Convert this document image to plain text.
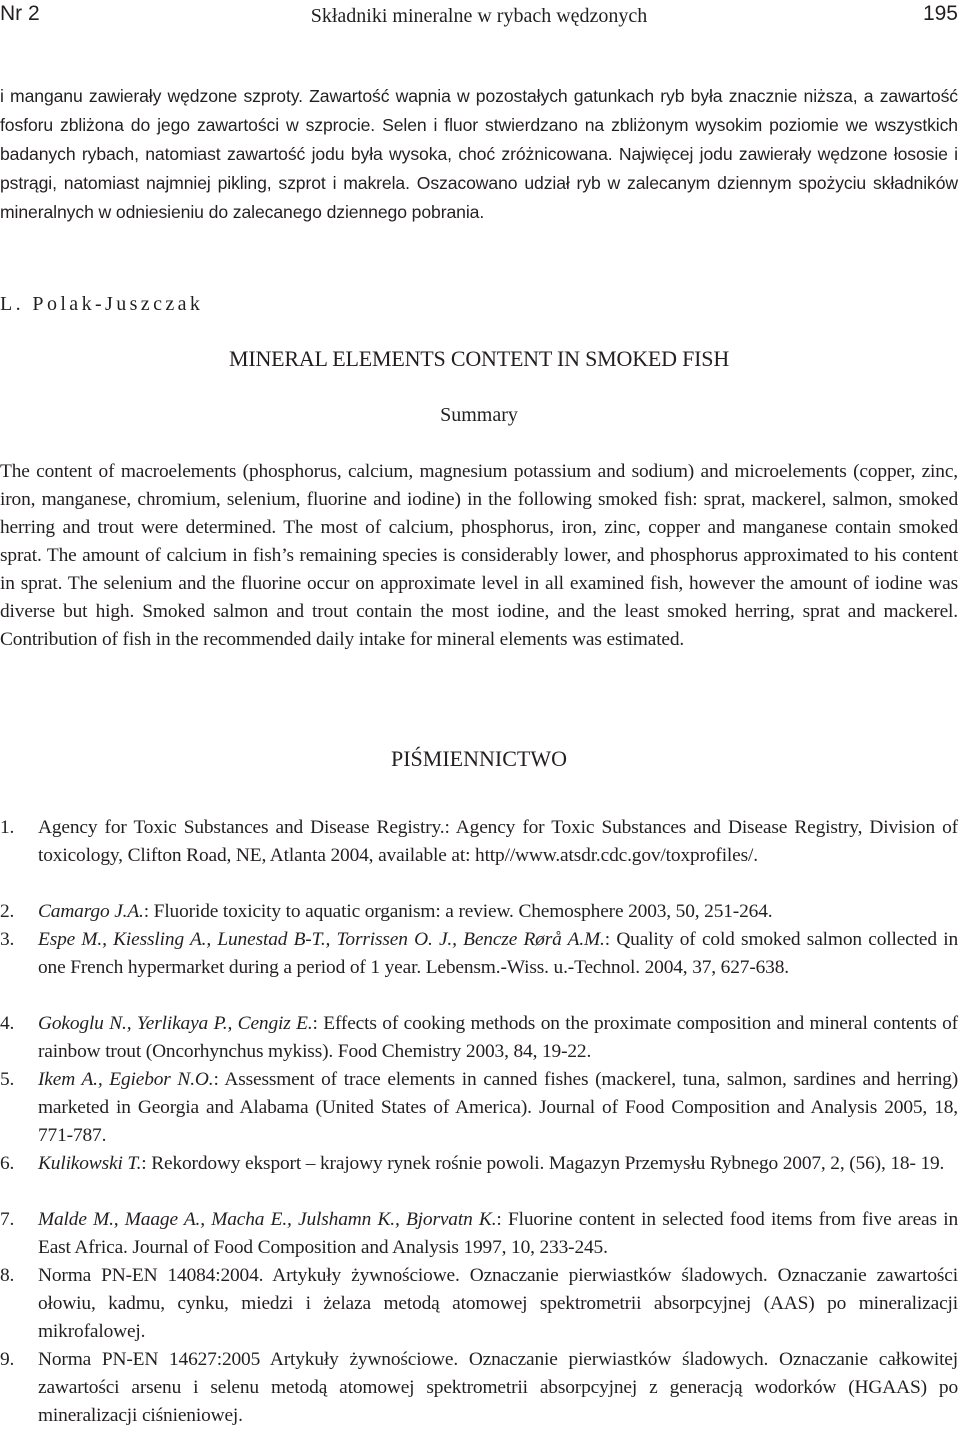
Nr 2	Składniki mineralne w rybach wędzonych	195

i manganu zawierały wędzone szproty. Zawartość wapnia w pozostałych gatunkach ryb była znacznie niższa, a zawartość fosforu zbliżona do jego zawartości w szprocie. Selen i fluor stwierdzano na zbliżonym wysokim poziomie we wszystkich badanych rybach, natomiast zawartość jodu była wysoka, choć zróżnicowana. Najwięcej jodu zawierały wędzone łososie i pstrągi, natomiast najmniej pikling, szprot i makrela. Oszacowano udział ryb w zalecanym dziennym spożyciu składników mineralnych w odniesieniu do zalecanego dziennego pobrania.

L. Polak-Juszczak
MINERAL ELEMENTS CONTENT IN SMOKED FISH
Summary

The content of macroelements (phosphorus, calcium, magnesium potassium and sodium) and microelements (copper, zinc, iron, manganese, chromium, selenium, fluorine and iodine) in the following smoked fish: sprat, mackerel, salmon, smoked herring and trout were determined. The most of calcium, phosphorus, iron, zinc, copper and manganese contain smoked sprat. The amount of calcium in fish’s remaining species is considerably lower, and phosphorus approximated to his content in sprat. The selenium and the fluorine occur on approximate level in all examined fish, however the amount of iodine was diverse but high. Smoked salmon and trout contain the most iodine, and the least smoked herring, sprat and mackerel. Contribution of fish in the recommended daily intake for mineral elements was estimated.

PIŚMIENNICTWO
1. Agency for Toxic Substances and Disease Registry.: Agency for Toxic Substances and Disease Registry, Division of toxicology, Clifton Road, NE, Atlanta 2004, available at: http//www.atsdr.cdc.gov/toxprofiles/.
2. Camargo J.A.: Fluoride toxicity to aquatic organism: a review. Chemosphere 2003, 50, 251-264.
3. Espe M., Kiessling A., Lunestad B-T., Torrissen O. J., Bencze Rørå A.M.: Quality of cold smoked salmon collected in one French hypermarket during a period of 1 year. Lebensm.-Wiss. u.-Technol. 2004, 37, 627-638.
4. Gokoglu N., Yerlikaya P., Cengiz E.: Effects of cooking methods on the proximate composition and mineral contents of rainbow trout (Oncorhynchus mykiss). Food Chemistry 2003, 84, 19-22.
5. Ikem A., Egiebor N.O.: Assessment of trace elements in canned fishes (mackerel, tuna, salmon, sardines and herring) marketed in Georgia and Alabama (United States of America). Journal of Food Composition and Analysis 2005, 18, 771-787.
6. Kulikowski T.: Rekordowy eksport – krajowy rynek rośnie powoli. Magazyn Przemysłu Rybnego 2007, 2, (56), 18- 19.
7. Malde M., Maage A., Macha E., Julshamn K., Bjorvatn K.: Fluorine content in selected food items from five areas in East Africa. Journal of Food Composition and Analysis 1997, 10, 233-245.
8. Norma PN-EN 14084:2004. Artykuły żywnościowe. Oznaczanie pierwiastków śladowych. Oznaczanie zawartości ołowiu, kadmu, cynku, miedzi i żelaza metodą atomowej spektrometrii absorpcyjnej (AAS) po mineralizacji mikrofalowej.
9. Norma PN-EN 14627:2005 Artykuły żywnościowe. Oznaczanie pierwiastków śladowych. Oznaczanie całkowitej zawartości arsenu i selenu metodą atomowej spektrometrii absorpcyjnej z generacją wodorków (HGAAS) po mineralizacji ciśnieniowej.
